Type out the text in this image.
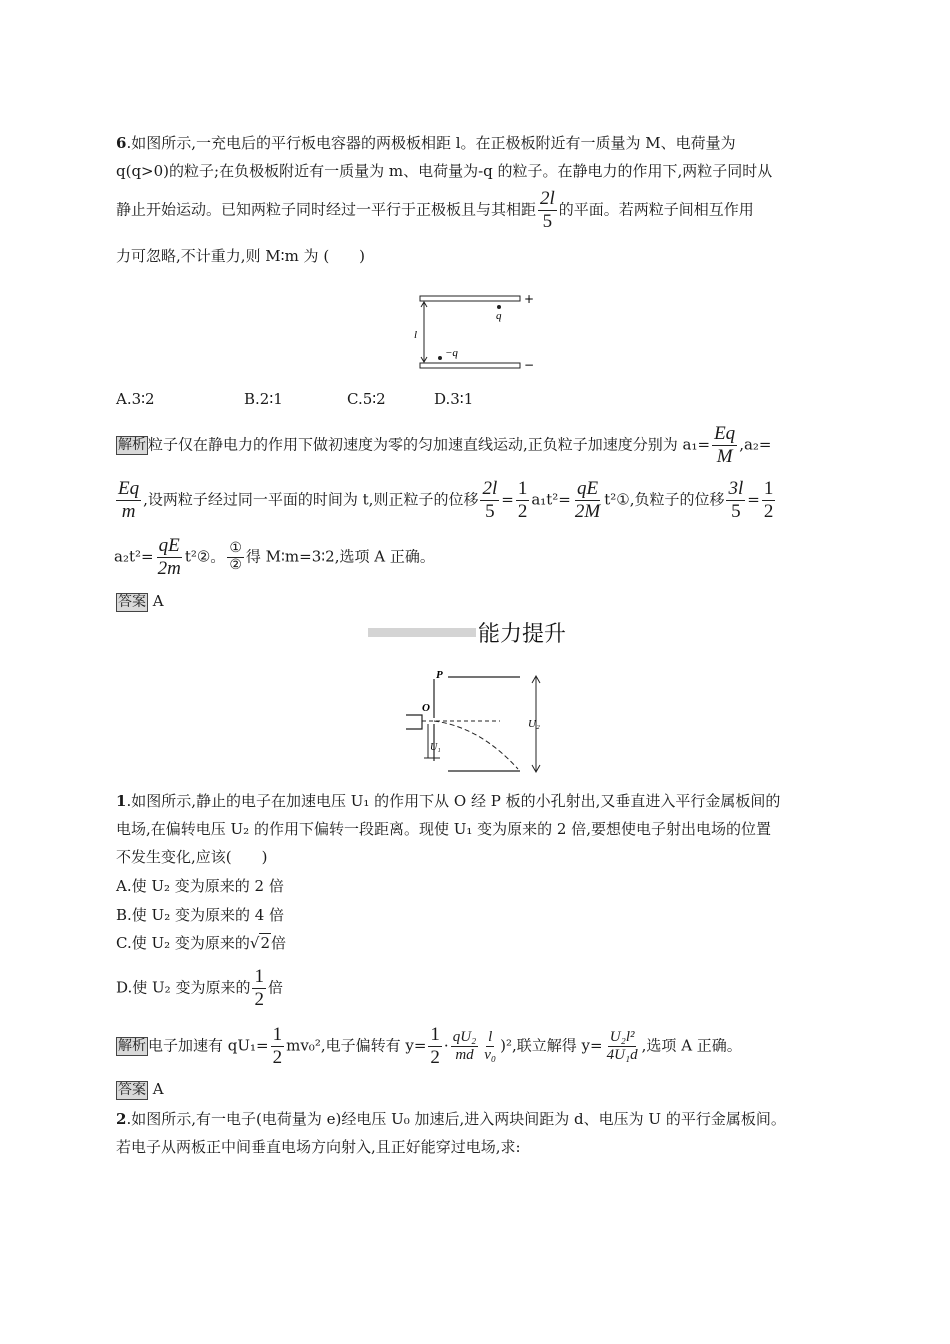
6.如图所示,一充电后的平行板电容器的两极板相距 l。在正极板附近有一质量为 M、电荷量为
q(q>0)的粒子;在负极板附近有一质量为 m、电荷量为-q 的粒子。在静电力的作用下,两粒子同时从
静止开始运动。已知两粒子同时经过一平行于正极板且与其相距 $\frac{2l}{5}$ 的平面。若两粒子间相互作用
力可忽略,不计重力,则 M∶m 为 (　　)
+
−
q
−q
l
A.3∶2	B.2∶1	C.5∶2	D.3∶1
解析 粒子仅在静电力的作用下做初速度为零的匀加速直线运动,正负粒子加速度分别为 $a_1= \frac{Eq}{M} ,a_2=$
$\frac{Eq}{m}$ ,设两粒子经过同一平面的时间为 t,则正粒子的位移 $\frac{2l}{5} = \frac{1}{2} a_1t^2= \frac{qE}{2M}$ t²①,负粒子的位移 $\frac{3l}{5} = \frac{1}{2}$
$a_2t^2= \frac{qE}{2m}$ t²②。 $\frac{\text{①}}{\text{②}}$ 得 M∶m=3∶2,选项 A 正确。
答案 A
能力提升
P
O
U₁
U₂
1.如图所示,静止的电子在加速电压 U₁ 的作用下从 O 经 P 板的小孔射出,又垂直进入平行金属板间的
电场,在偏转电压 U₂ 的作用下偏转一段距离。现使 U₁ 变为原来的 2 倍,要想使电子射出电场的位置
不发生变化,应该(　　)
A.使 U₂ 变为原来的 2 倍
B.使 U₂ 变为原来的 4 倍
C.使 U₂ 变为原来的√2倍
D.使 U₂ 变为原来的 $\frac{1}{2}$ 倍
解析 电子加速有 $qU_1= \frac{1}{2} mv_0^2$,电子偏转有 $y= \frac{1}{2} \cdot \frac{\text{qU₂}}{md} \frac{l}{\text{v₀}} )^2$,联立解得 $y= \frac{\text{U₂l²}}{\text{4U₁d}}$ ,选项 A 正确。
答案 A
2.如图所示,有一电子(电荷量为 e)经电压 U₀ 加速后,进入两块间距为 d、电压为 U 的平行金属板间。
若电子从两板正中间垂直电场方向射入,且正好能穿过电场,求:
